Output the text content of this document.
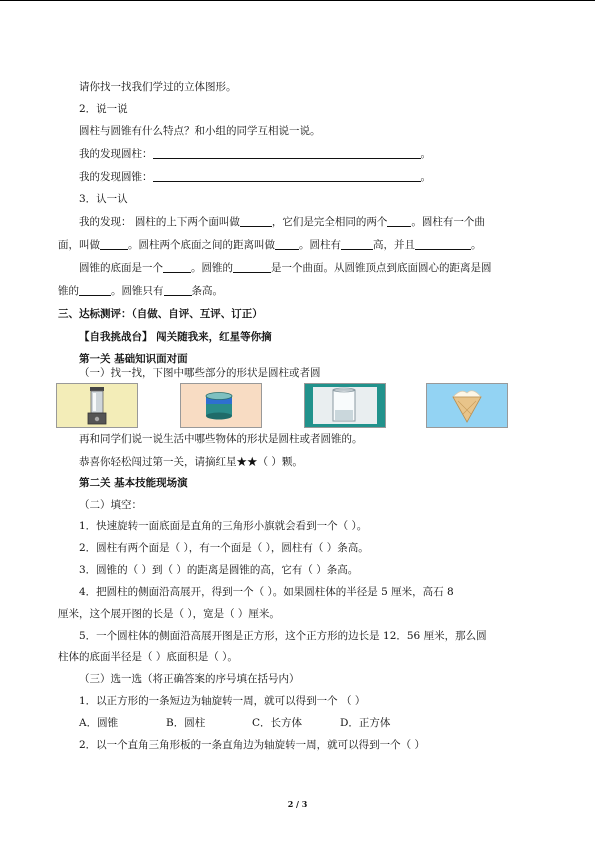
请你找一找我们学过的立体图形。
2．说一说
圆柱与圆锥有什么特点？和小组的同学互相说一说。
我的发现圆柱：	。
我的发现圆锥：	。
3．认一认
我的发现： 圆柱的上下两个面叫做	，它们是完全相同的两个 。圆柱有一个曲
面，叫做	。圆柱两个底面之间的距离叫做 。圆柱有	高，并且	。
圆锥的底面是一个	。圆锥的	是一个曲面。从圆锥顶点到底面圆心的距离是圆
锥的	。圆锥只有	条高。
三、达标测评：（自做、自评、互评、订正）
【自我挑战台】 闯关随我来，红星等你摘
第一关 基础知识面对面
（一）找一找，下图中哪些部分的形状是圆柱或者圆
再和同学们说一说生活中哪些物体的形状是圆柱或者圆锥的。
恭喜你轻松闯过第一关，请摘红星★★（ ）颗。
第二关 基本技能现场演
（二）填空：
1．快速旋转一面底面是直角的三角形小旗就会看到一个（ ）。
2．圆柱有两个面是（ ），有一个面是（ ），圆柱有（ ）条高。
3．圆锥的（ ）到（ ）的距离是圆锥的高，它有（ ）条高。
4．把圆柱的侧面沿高展开，得到一个（ ）。如果圆柱体的半径是 5 厘米，高石 8
厘米，这个展开图的长是（ ），宽是（ ）厘米。
5．一个圆柱体的侧面沿高展开图是正方形，这个正方形的边长是 12．56 厘米，那么圆
柱体的底面半径是（ ）底面积是（ ）。
（三）选一选（将正确答案的序号填在括号内）
1．以正方形的一条短边为轴旋转一周，就可以得到一个 （ ）
A．圆锥	B．圆柱	C．长方体	D．正方体
2．以一个直角三角形板的一条直角边为轴旋转一周，就可以得到一个（ ）
2 / 3
